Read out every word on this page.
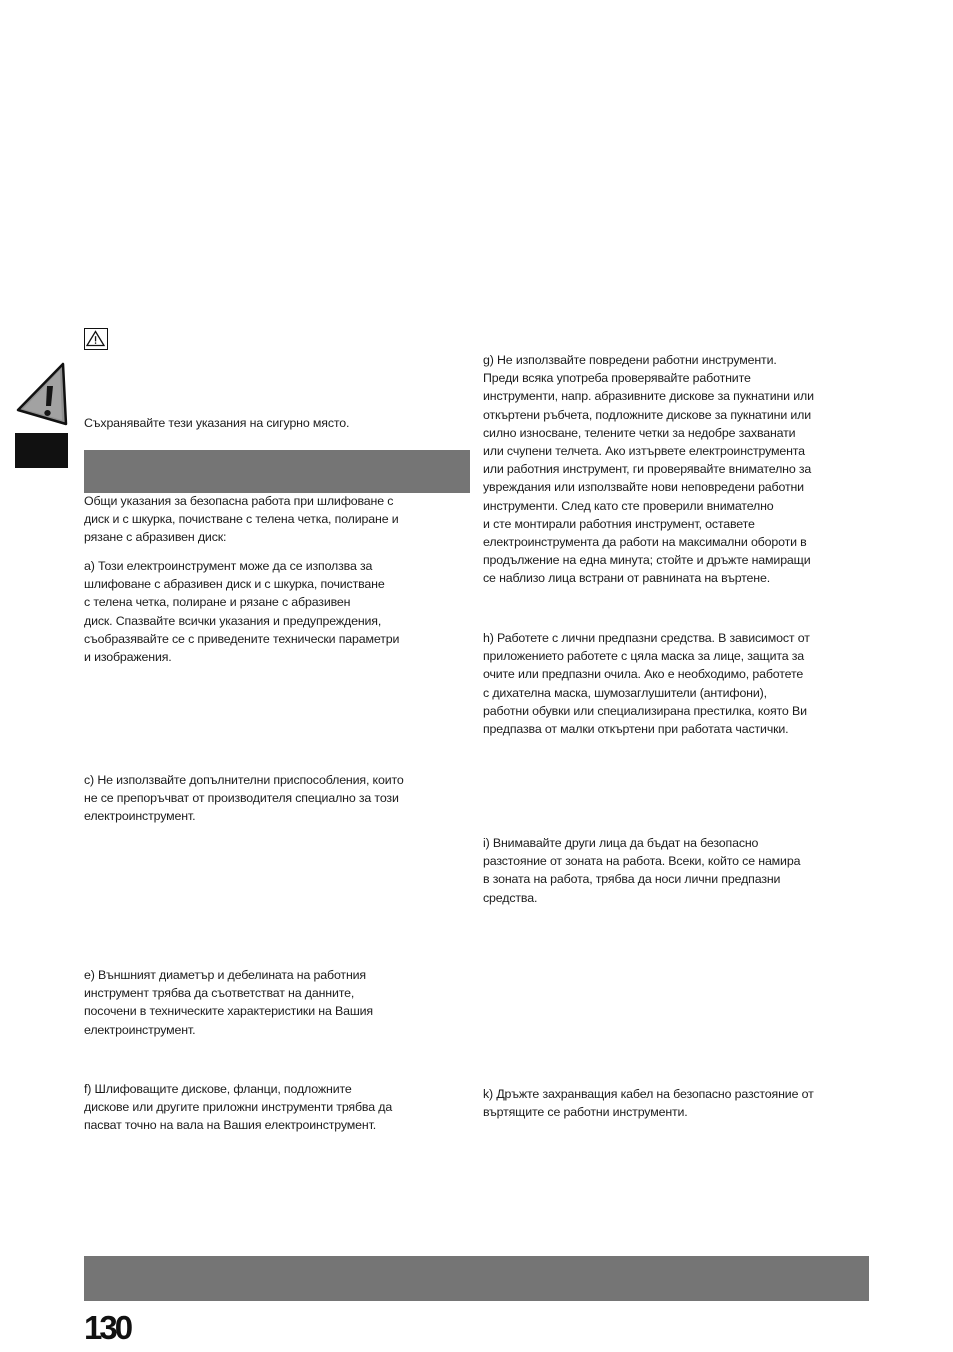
Съхранявайте тези указания на сигурно място.
Общи указания за безопасна работа при шлифоване с
диск и с шкурка, почистване с телена четка, полиране и
рязане с абразивен диск:
a) Този електроинструмент може да се използва за
шлифоване с абразивен диск и с шкурка, почистване
с телена четка, полиране и рязане с абразивен
диск. Спазвайте всички указания и предупреждения,
съобразявайте се с приведените технически параметри
и изображения.
c) Не използвайте допълнителни приспособления, които
не се препоръчват от производителя специално за този
електроинструмент.
e) Външният диаметър и дебелината на работния
инструмент трябва да съответстват на данните,
посочени в техническите характеристики на Вашия
електроинструмент.
f) Шлифоващите дискове, фланци, подложните
дискове или другите приложни инструменти трябва да
пасват точно на вала на Вашия електроинструмент.
g) Не използвайте повредени работни инструменти.
Преди всяка употреба проверявайте работните
инструменти, напр. абразивните дискове за пукнатини или
откъртени ръбчета, подложните дискове за пукнатини или
силно износване, телените четки за недобре захванати
или счупени телчета. Ако изтървете електроинструмента
или работния инструмент, ги проверявайте внимателно за
увреждания или използвайте нови неповредени работни
инструменти. След като сте проверили внимателно
и сте монтирали работния инструмент, оставете
електроинструмента да работи на максимални обороти в
продължение на една минута; стойте и дръжте намиращи
се наблизо лица встрани от равнината на въртене.
h) Работете с лични предпазни средства. В зависимост от
приложението работете с цяла маска за лице, защита за
очите или предпазни очила. Ако е необходимо, работете
с дихателна маска, шумозаглушители (антифони),
работни обувки или специализирана престилка, която Ви
предпазва от малки откъртени при работата частички.
i) Внимавайте други лица да бъдат на безопасно
разстояние от зоната на работа. Всеки, който се намира
в зоната на работа, трябва да носи лични предпазни
средства.
k) Дръжте захранващия кабел на безопасно разстояние от
въртящите се работни инструменти.
130
